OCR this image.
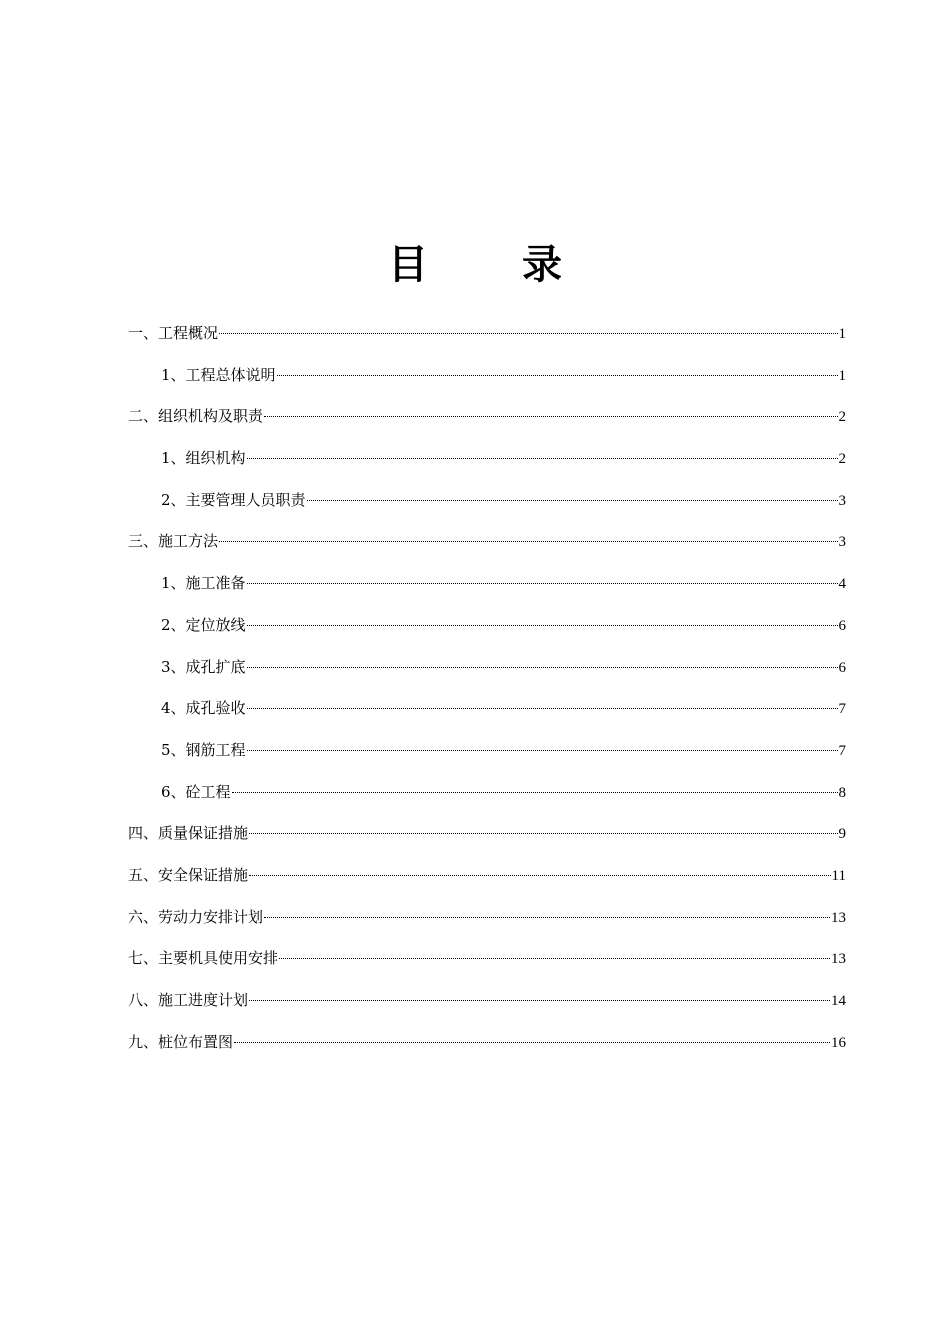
目 录
一、工程概况	1
1、工程总体说明	1
二、组织机构及职责	2
1、组织机构	2
2、主要管理人员职责	3
三、施工方法	3
1、施工准备	4
2、定位放线	6
3、成孔扩底	6
4、成孔验收	7
5、钢筋工程	7
6、砼工程	8
四、质量保证措施	9
五、安全保证措施	11
六、劳动力安排计划	13
七、主要机具使用安排	13
八、施工进度计划	14
九、桩位布置图	16
